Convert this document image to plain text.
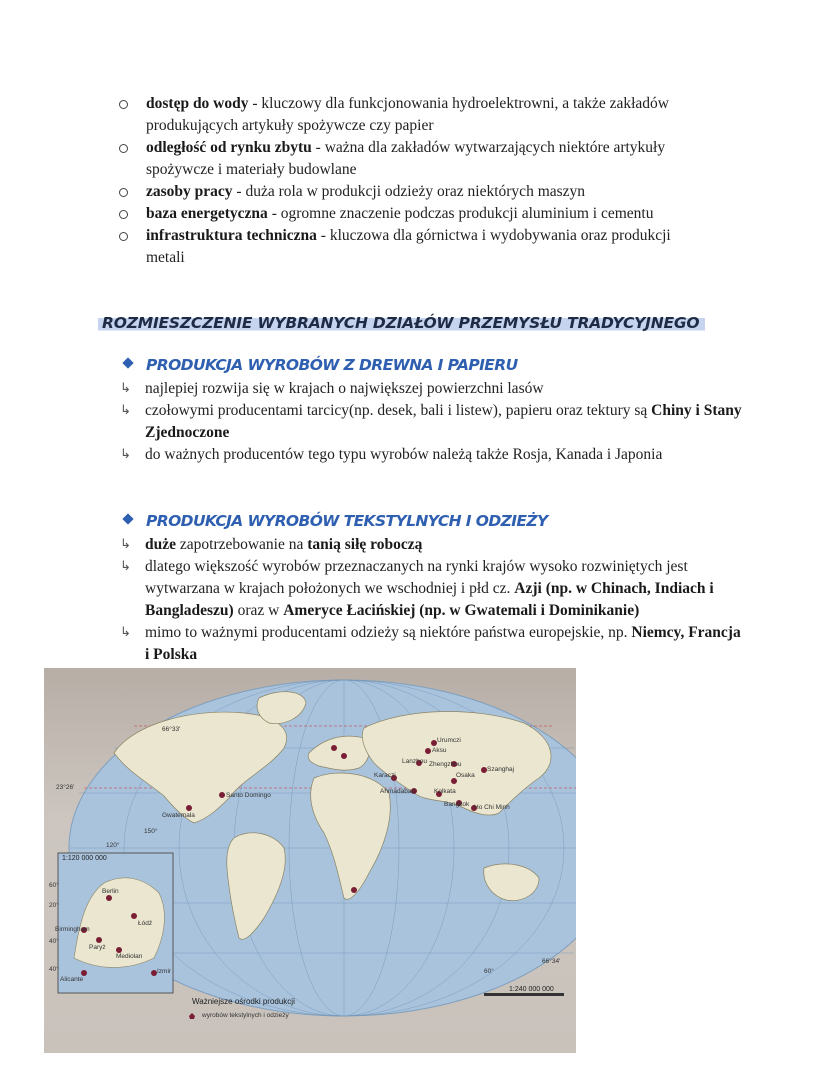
dostęp do wody - kluczowy dla funkcjonowania hydroelektrowni, a także zakładów produkujących artykuły spożywcze czy papier
odległość od rynku zbytu - ważna dla zakładów wytwarzających niektóre artykuły spożywcze i materiały budowlane
zasoby pracy - duża rola w produkcji odzieży oraz niektórych maszyn
baza energetyczna - ogromne znaczenie podczas produkcji aluminium i cementu
infrastruktura techniczna - kluczowa dla górnictwa i wydobywania oraz produkcji metali
ROZMIESZCZENIE WYBRANYCH DZIAŁÓW PRZEMYSŁU TRADYCYJNEGO
PRODUKCJA WYROBÓW Z DREWNA I PAPIERU
↳ najlepiej rozwija się w krajach o największej powierzchni lasów
↳ czołowymi producentami tarcicy(np. desek, bali i listew), papieru oraz tektury są Chiny i Stany Zjednoczone
↳ do ważnych producentów tego typu wyrobów należą także Rosja, Kanada i Japonia
PRODUKCJA WYROBÓW TEKSTYLNYCH I ODZIEŻY
↳ duże zapotrzebowanie na tanią siłę roboczą
↳ dlatego większość wyrobów przeznaczanych na rynki krajów wysoko rozwiniętych jest wytwarzana w krajach położonych we wschodniej i płd cz. Azji (np. w Chinach, Indiach i Bangladeszu) oraz w Ameryce Łacińskiej (np. w Gwatemali i Dominikanie)
↳ mimo to ważnymi producentami odzieży są niektóre państwa europejskie, np. Niemcy, Francja i Polska
Urumczi
Aksu
Lanzhou Zhengzhou
Szanghaj
Karaczi	Osaka
Ahmadabad	Kolkata
Bangkok Ho Chi Minh
Santo Domingo
Gwatemala
Berlin
Łódź
Birmingham
Paryż
Mediolan
Alicante
Izmir
66°33'
23°26'
66°34'
150°
120°
60°
40°
20°
60°
40°
1:120 000 000
1:240 000 000
Ważniejsze ośrodki produkcji
wyrobów tekstylnych i odzieży
